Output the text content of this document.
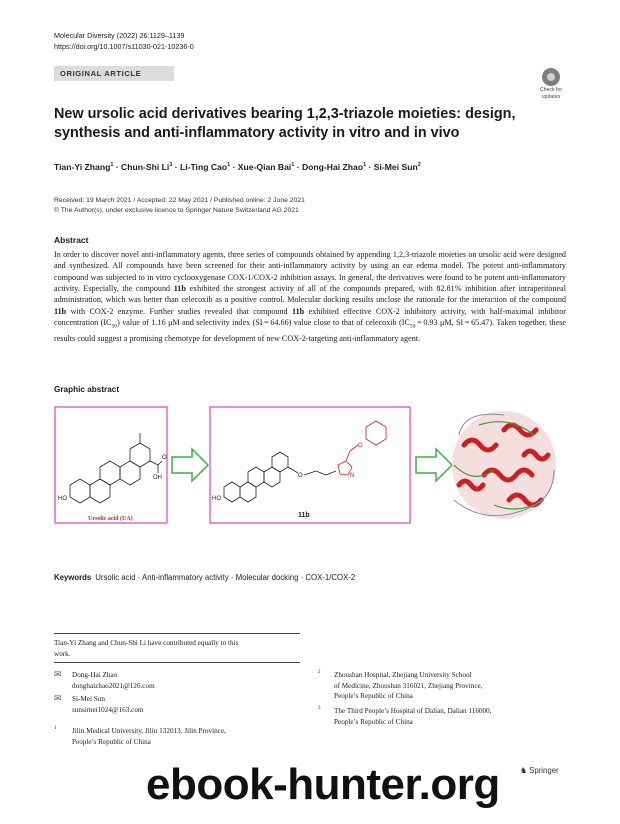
Molecular Diversity (2022) 26:1129–1139
https://doi.org/10.1007/s11030-021-10236-0
ORIGINAL ARTICLE
Check for
updates
New ursolic acid derivatives bearing 1,2,3-triazole moieties: design, synthesis and anti-inflammatory activity in vitro and in vivo
Tian-Yi Zhang$^1$ · Chun-Shi $Li^3$ · Li-Ting Cao$^1$ · Xue-Qian Bai$^1$ · Dong-Hai Zhao$^1$ · Si-Mei Sun$^2$
Received: 19 March 2021 / Accepted: 22 May 2021 / Published online: 2 June 2021
© The Author(s), under exclusive licence to Springer Nature Switzerland AG 2021
Abstract
In order to discover novel anti-inflammatory agents, three series of compounds obtained by appending 1,2,3-triazole moieties on ursolic acid were designed and synthesized. All compounds have been screened for their anti-inflammatory activity by using an ear edema model. The potent anti-inflammatory compound was subjected to in vitro cyclooxygenase COX-1/COX-2 inhibition assays. In general, the derivatives were found to be potent anti-inflammatory activity. Especially, the compound 11b exhibited the strongest activity of all of the compounds prepared, with 82.81% inhibition after intraperitoneal administration, which was better than celecoxib as a positive control. Molecular docking results unclose the rationale for the interaction of the compound 11b with COX-2 enzyme. Further studies revealed that compound 11b exhibited effective COX-2 inhibitory activity, with half-maximal inhibitor concentration $(IC_{50})$ value of 1.16 μM and selectivity index (SI = 64.66) value close to that of celecoxib ($IC_{50} = 0.93$ μM, SI = 65.47). Taken together, these results could suggest a promising chemotype for development of new COX-2-targeting anti-inflammatory agent.
Graphic abstract
OH
O
HO
Ursolic acid (UA)
O	N
O
HO
11b
Keywords Ursolic acid · Anti-inflammatory activity · Molecular docking · COX-1/COX-2
Tian-Yi Zhang and Chun-Shi Li have contributed equally to this
work.
✉ Dong-Hai Zhao
donghaizhao2021@126.com
✉ Si-Mei Sun
sunsimei1024@163.com
1 Jilin Medical University, Jilin 132013, Jilin Province,
People’s Republic of China
2 Zhoushan Hospital, Zhejiang University School
of Medicine, Zhoushan 316021, Zhejiang Province,
People’s Republic of China
3 The Third People’s Hospital of Dalian, Dalian 116000,
People’s Republic of China
ebook-hunter.org	♞ Springer
